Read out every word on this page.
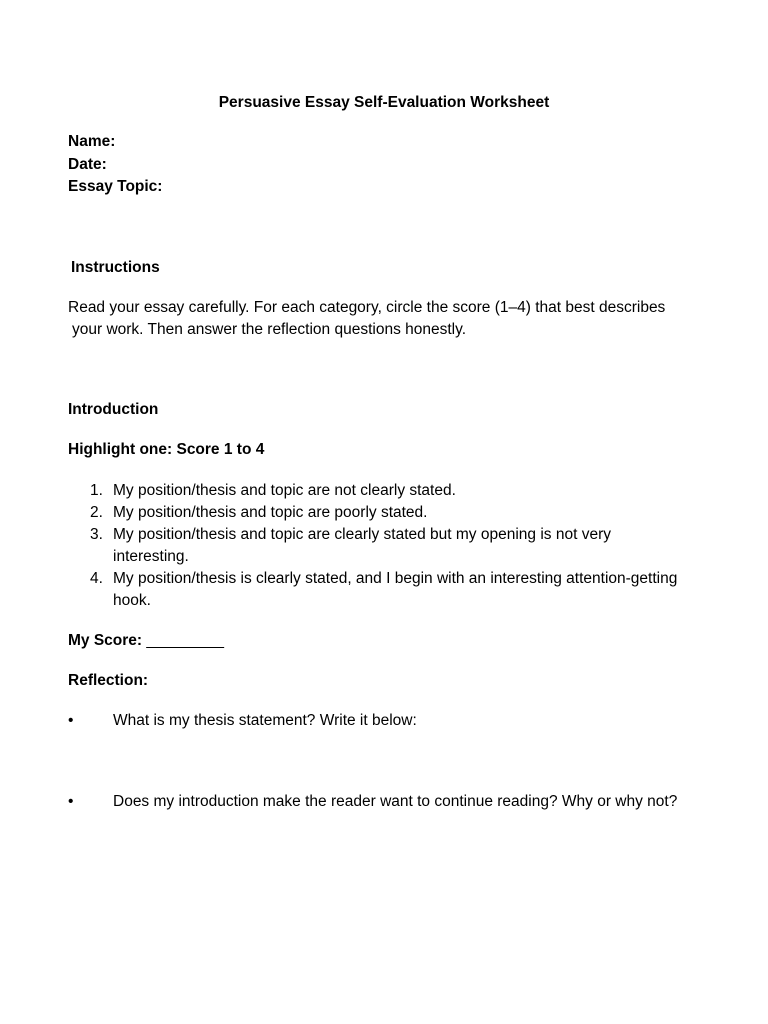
Persuasive Essay Self-Evaluation Worksheet
Name:
Date:
Essay Topic:
Instructions
Read your essay carefully. For each category, circle the score (1–4) that best describes
your work. Then answer the reflection questions honestly.
Introduction
Highlight one: Score 1 to 4
1. My position/thesis and topic are not clearly stated.
2. My position/thesis and topic are poorly stated.
3. My position/thesis and topic are clearly stated but my opening is not very
interesting.
4. My position/thesis is clearly stated, and I begin with an interesting attention-getting
hook.
My Score: _________
Reflection:
•	What is my thesis statement? Write it below:
•	Does my introduction make the reader want to continue reading? Why or why not?
